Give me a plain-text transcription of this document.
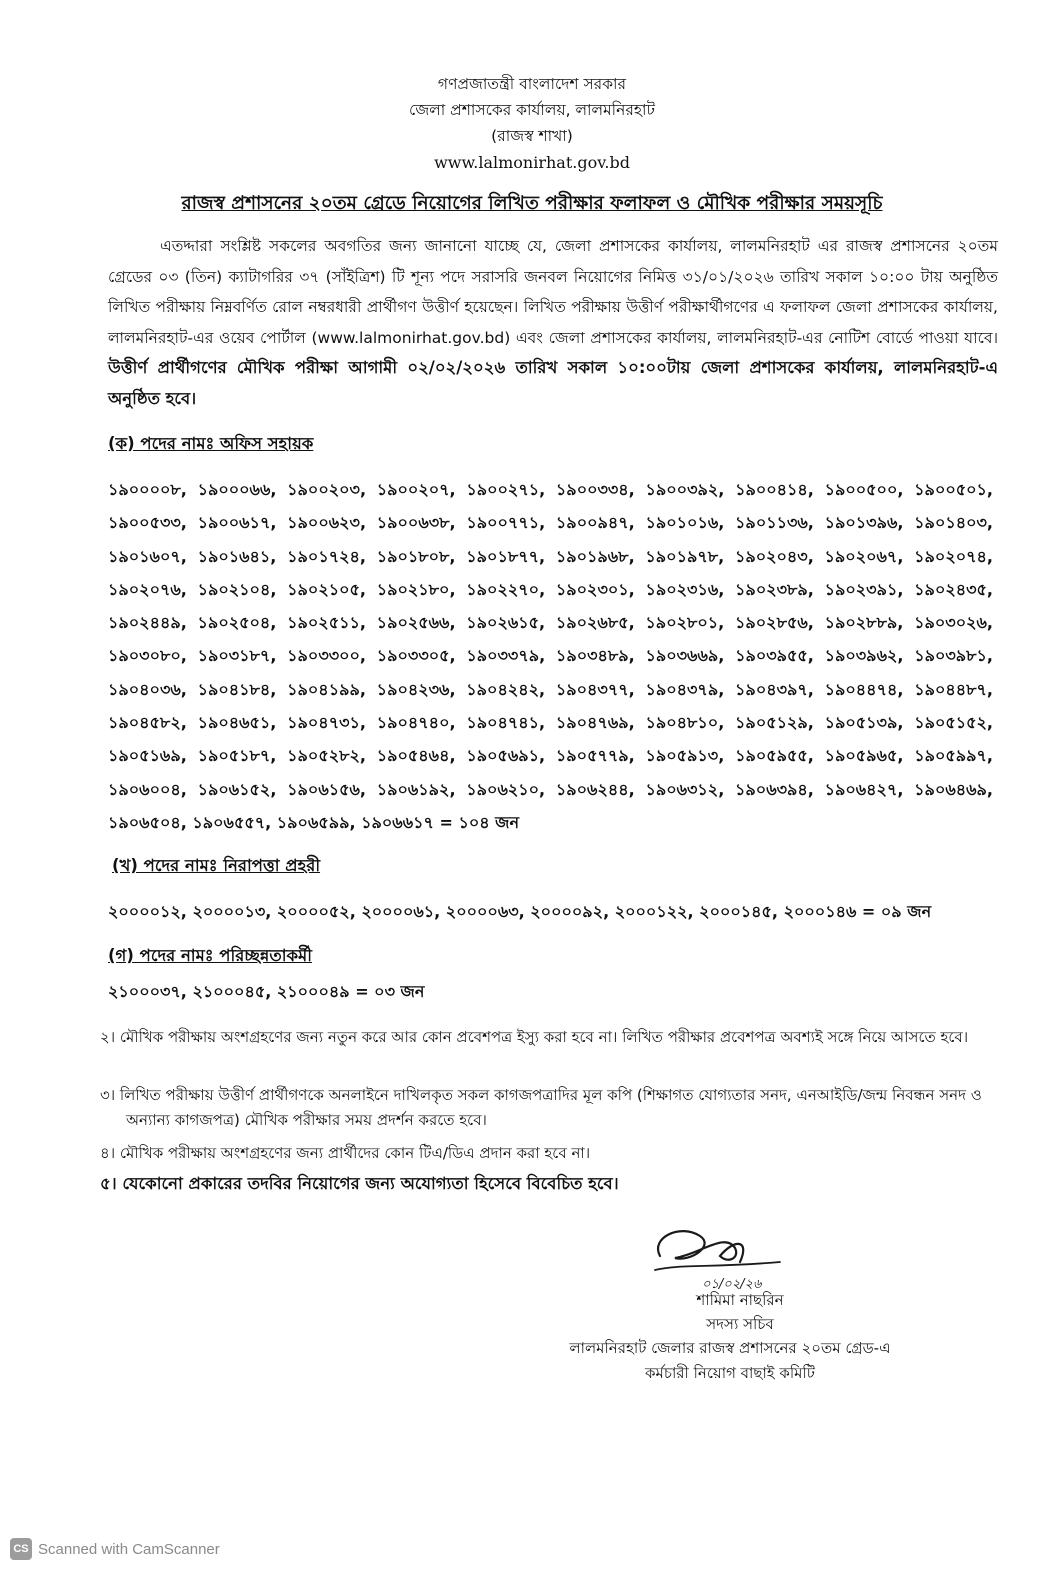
গণপ্রজাতন্ত্রী বাংলাদেশ সরকার
জেলা প্রশাসকের কার্যালয়, লালমনিরহাট
(রাজস্ব শাখা)
www.lalmonirhat.gov.bd
রাজস্ব প্রশাসনের ২০তম গ্রেডে নিয়োগের লিখিত পরীক্ষার ফলাফল ও মৌখিক পরীক্ষার সময়সূচি
এতদ্দারা সংশ্লিষ্ট সকলের অবগতির জন্য জানানো যাচ্ছে যে, জেলা প্রশাসকের কার্যালয়, লালমনিরহাট এর রাজস্ব প্রশাসনের ২০তম গ্রেডের ০৩ (তিন) ক্যাটাগরির ৩৭ (সাঁইত্রিশ) টি শূন্য পদে সরাসরি জনবল নিয়োগের নিমিত্ত ৩১/০১/২০২৬ তারিখ সকাল ১০:০০ টায় অনুষ্ঠিত লিখিত পরীক্ষায় নিম্নবর্ণিত রোল নম্বরধারী প্রার্থীগণ উত্তীর্ণ হয়েছেন। লিখিত পরীক্ষায় উত্তীর্ণ পরীক্ষার্থীগণের এ ফলাফল জেলা প্রশাসকের কার্যালয়, লালমনিরহাট-এর ওয়েব পোর্টাল (www.lalmonirhat.gov.bd) এবং জেলা প্রশাসকের কার্যালয়, লালমনিরহাট-এর নোটিশ বোর্ডে পাওয়া যাবে। উত্তীর্ণ প্রার্থীগণের মৌখিক পরীক্ষা আগামী ০২/০২/২০২৬ তারিখ সকাল ১০:০০টায় জেলা প্রশাসকের কার্যালয়, লালমনিরহাট-এ অনুষ্ঠিত হবে।
(ক) পদের নামঃ অফিস সহায়ক
১৯০০০০৮, ১৯০০০৬৬, ১৯০০২০৩, ১৯০০২০৭, ১৯০০২৭১, ১৯০০৩৩৪, ১৯০০৩৯২, ১৯০০৪১৪, ১৯০০৫০০, ১৯০০৫০১, ১৯০০৫৩৩, ১৯০০৬১৭, ১৯০০৬২৩, ১৯০০৬৩৮, ১৯০০৭৭১, ১৯০০৯৪৭, ১৯০১০১৬, ১৯০১১৩৬, ১৯০১৩৯৬, ১৯০১৪০৩, ১৯০১৬০৭, ১৯০১৬৪১, ১৯০১৭২৪, ১৯০১৮০৮, ১৯০১৮৭৭, ১৯০১৯৬৮, ১৯০১৯৭৮, ১৯০২০৪৩, ১৯০২০৬৭, ১৯০২০৭৪, ১৯০২০৭৬, ১৯০২১০৪, ১৯০২১০৫, ১৯০২১৮০, ১৯০২২৭০, ১৯০২৩০১, ১৯০২৩১৬, ১৯০২৩৮৯, ১৯০২৩৯১, ১৯০২৪৩৫, ১৯০২৪৪৯, ১৯০২৫০৪, ১৯০২৫১১, ১৯০২৫৬৬, ১৯০২৬১৫, ১৯০২৬৮৫, ১৯০২৮০১, ১৯০২৮৫৬, ১৯০২৮৮৯, ১৯০৩০২৬, ১৯০৩০৮০, ১৯০৩১৮৭, ১৯০৩৩০০, ১৯০৩৩০৫, ১৯০৩৩৭৯, ১৯০৩৪৮৯, ১৯০৩৬৬৯, ১৯০৩৯৫৫, ১৯০৩৯৬২, ১৯০৩৯৮১, ১৯০৪০৩৬, ১৯০৪১৮৪, ১৯০৪১৯৯, ১৯০৪২৩৬, ১৯০৪২৪২, ১৯০৪৩৭৭, ১৯০৪৩৭৯, ১৯০৪৩৯৭, ১৯০৪৪৭৪, ১৯০৪৪৮৭, ১৯০৪৫৮২, ১৯০৪৬৫১, ১৯০৪৭৩১, ১৯০৪৭৪০, ১৯০৪৭৪১, ১৯০৪৭৬৯, ১৯০৪৮১০, ১৯০৫১২৯, ১৯০৫১৩৯, ১৯০৫১৫২, ১৯০৫১৬৯, ১৯০৫১৮৭, ১৯০৫২৮২, ১৯০৫৪৬৪, ১৯০৫৬৯১, ১৯০৫৭৭৯, ১৯০৫৯১৩, ১৯০৫৯৫৫, ১৯০৫৯৬৫, ১৯০৫৯৯৭, ১৯০৬০০৪, ১৯০৬১৫২, ১৯০৬১৫৬, ১৯০৬১৯২, ১৯০৬২১০, ১৯০৬২৪৪, ১৯০৬৩১২, ১৯০৬৩৯৪, ১৯০৬৪২৭, ১৯০৬৪৬৯, ১৯০৬৫০৪, ১৯০৬৫৫৭, ১৯০৬৫৯৯, ১৯০৬৬১৭ = ১০৪ জন
(খ) পদের নামঃ নিরাপত্তা প্রহরী
২০০০০১২, ২০০০০১৩, ২০০০০৫২, ২০০০০৬১, ২০০০০৬৩, ২০০০০৯২, ২০০০১২২, ২০০০১৪৫, ২০০০১৪৬ = ০৯ জন
(গ) পদের নামঃ পরিচ্ছন্নতাকর্মী
২১০০০৩৭, ২১০০০৪৫, ২১০০০৪৯ = ০৩ জন
২। মৌখিক পরীক্ষায় অংশগ্রহণের জন্য নতুন করে আর কোন প্রবেশপত্র ইস্যু করা হবে না। লিখিত পরীক্ষার প্রবেশপত্র অবশ্যই সঙ্গে নিয়ে আসতে হবে।
৩। লিখিত পরীক্ষায় উত্তীর্ণ প্রার্থীগণকে অনলাইনে দাখিলকৃত সকল কাগজপত্রাদির মূল কপি (শিক্ষাগত যোগ্যতার সনদ, এনআইডি/জন্ম নিবন্ধন সনদ ও অন্যান্য কাগজপত্র) মৌখিক পরীক্ষার সময় প্রদর্শন করতে হবে।
৪। মৌখিক পরীক্ষায় অংশগ্রহণের জন্য প্রার্থীদের কোন টিএ/ডিএ প্রদান করা হবে না।
৫। যেকোনো প্রকারের তদবির নিয়োগের জন্য অযোগ্যতা হিসেবে বিবেচিত হবে।
০১/০২/২৬
শামিমা নাছরিন
সদস্য সচিব
লালমনিরহাট জেলার রাজস্ব প্রশাসনের ২০তম গ্রেড-এ
কর্মচারী নিয়োগ বাছাই কমিটি
CS Scanned with CamScanner
